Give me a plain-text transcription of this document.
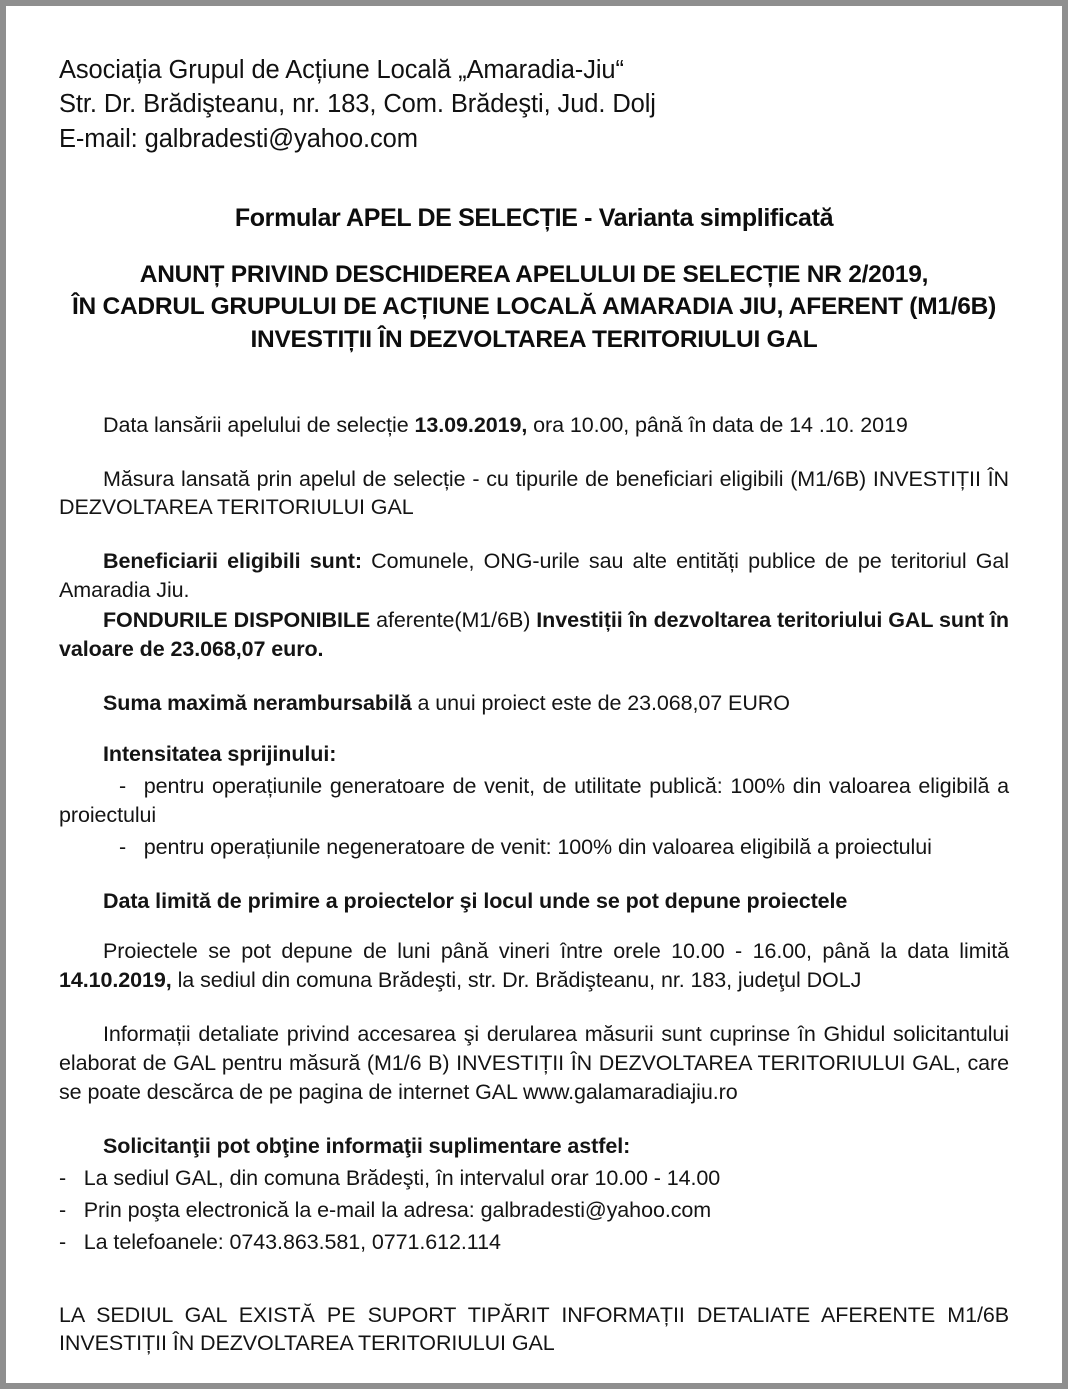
Asociația Grupul de Acțiune Locală „Amaradia-Jiu“
Str. Dr. Brădişteanu, nr. 183, Com. Brădeşti, Jud. Dolj
E-mail: galbradesti@yahoo.com
Formular APEL DE SELECȚIE - Varianta simplificată
ANUNȚ PRIVIND DESCHIDEREA APELULUI DE SELECȚIE NR 2/2019,
ÎN CADRUL GRUPULUI DE ACȚIUNE LOCALĂ AMARADIA JIU, AFERENT (M1/6B)
INVESTIȚII ÎN DEZVOLTAREA TERITORIULUI GAL

Data lansării apelului de selecție 13.09.2019, ora 10.00, până în data de 14 .10. 2019

Măsura lansată prin apelul de selecție - cu tipurile de beneficiari eligibili (M1/6B) INVESTIȚII ÎN DEZVOLTAREA TERITORIULUI GAL

Beneficiarii eligibili sunt: Comunele, ONG-urile sau alte entități publice de pe teritoriul Gal Amaradia Jiu.

FONDURILE DISPONIBILE aferente(M1/6B) Investiții în dezvoltarea teritoriului GAL sunt în valoare de 23.068,07 euro.

Suma maximă nerambursabilă a unui proiect este de 23.068,07 EURO

Intensitatea sprijinului:

- pentru operațiunile generatoare de venit, de utilitate publică: 100% din valoarea eligibilă a proiectului

- pentru operațiunile negeneratoare de venit: 100% din valoarea eligibilă a proiectului

Data limită de primire a proiectelor şi locul unde se pot depune proiectele

Proiectele se pot depune de luni până vineri între orele 10.00 - 16.00, până la data limită 14.10.2019, la sediul din comuna Brădeşti, str. Dr. Brădişteanu, nr. 183, judeţul DOLJ

Informații detaliate privind accesarea şi derularea măsurii sunt cuprinse în Ghidul solicitantului elaborat de GAL pentru măsură (M1/6 B) INVESTIȚII ÎN DEZVOLTAREA TERITORIULUI GAL, care se poate descărca de pe pagina de internet GAL www.galamaradiajiu.ro

Solicitanţii pot obţine informaţii suplimentare astfel:

- La sediul GAL, din comuna Brădeşti, în intervalul orar 10.00 - 14.00

- Prin poşta electronică la e-mail la adresa: galbradesti@yahoo.com

- La telefoanele: 0743.863.581, 0771.612.114

LA SEDIUL GAL EXISTĂ PE SUPORT TIPĂRIT INFORMAȚII DETALIATE AFERENTE M1/6B INVESTIȚII ÎN DEZVOLTAREA TERITORIULUI GAL
